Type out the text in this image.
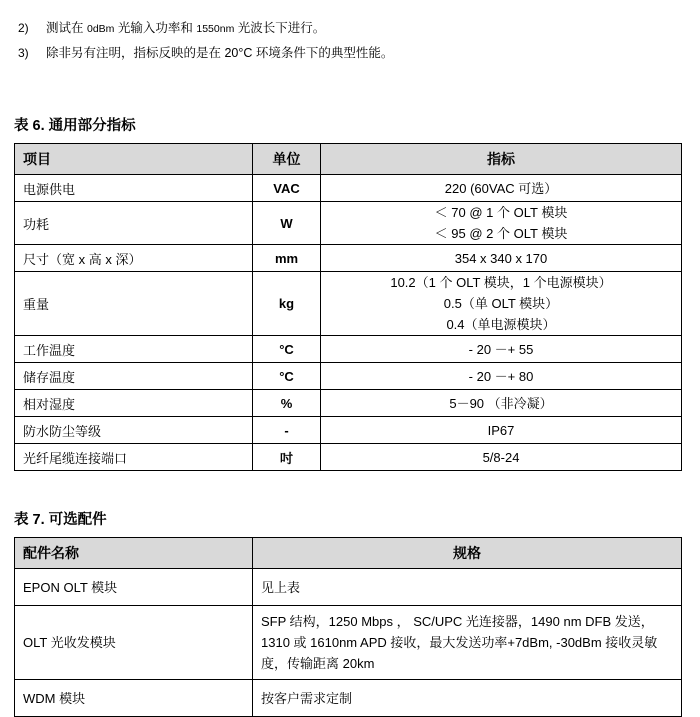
2)	测试在 0dBm 光输入功率和 1550nm 光波长下进行。
3)	除非另有注明，指标反映的是在 20°C 环境条件下的典型性能。
表 6. 通用部分指标
项目	单位	指标
电源供电	VAC	220 (60VAC 可选）

功耗	W	＜ 70 @ 1 个 OLT 模块
＜ 95 @ 2 个 OLT 模块

尺寸（宽 x 高 x 深）	mm	354 x 340 x 170

重量	kg	10.2（1 个 OLT 模块，1 个电源模块）
0.5（单 OLT 模块）
0.4（单电源模块）

工作温度	°C	- 20 －+ 55

储存温度	°C	- 20 －+ 80

相对湿度	%	5－90 （非冷凝）

防水防尘等级	-	IP67

光纤尾缆连接端口	吋	5/8-24
表 7. 可选配件
配件名称	规格
EPON OLT 模块	见上表
OLT 光收发模块	SFP 结构，1250 Mbps ， SC/UPC 光连接器，1490 nm DFB 发送，1310 或 1610nm APD 接收，最大发送功率+7dBm, -30dBm 接收灵敏度，传输距离 20km
WDM 模块	按客户需求定制
